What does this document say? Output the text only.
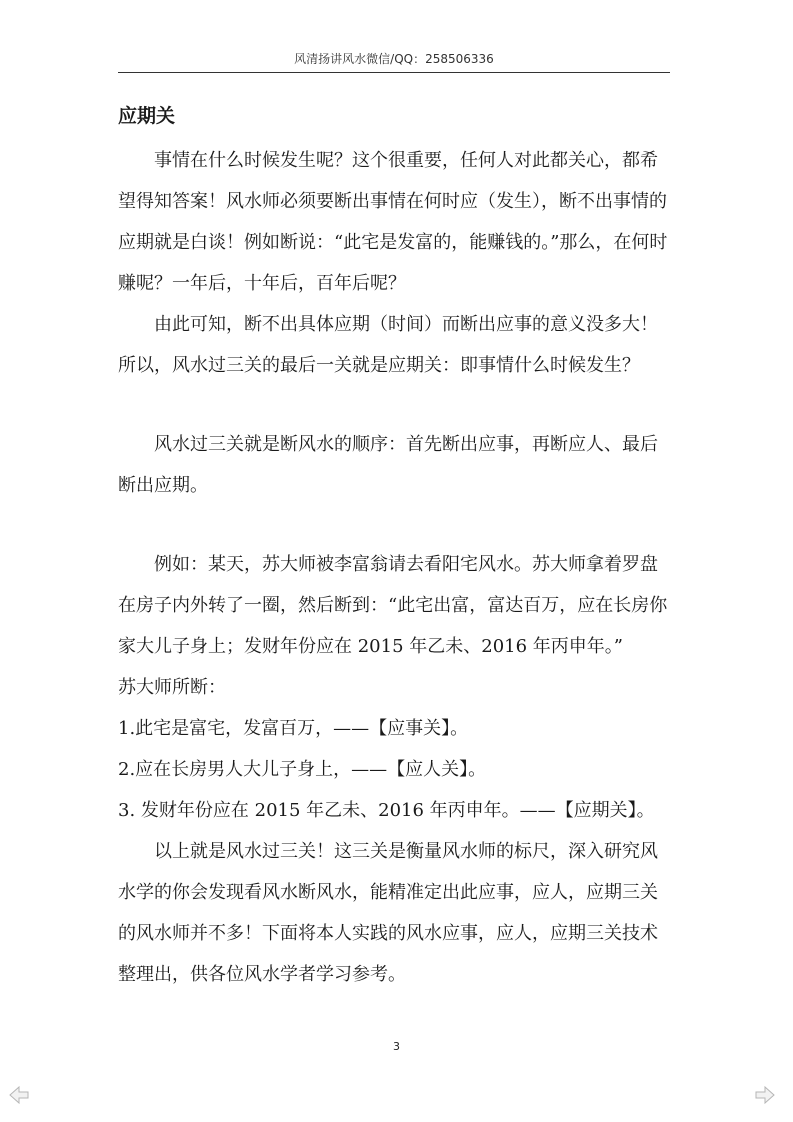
风清扬讲风水微信/QQ：258506336
应期关

事情在什么时候发生呢？这个很重要，任何人对此都关心，都希望得知答案！风水师必须要断出事情在何时应（发生），断不出事情的应期就是白谈！例如断说：“此宅是发富的，能赚钱的。”那么，在何时赚呢？一年后，十年后，百年后呢？

由此可知，断不出具体应期（时间）而断出应事的意义没多大！所以，风水过三关的最后一关就是应期关：即事情什么时候发生？

风水过三关就是断风水的顺序：首先断出应事，再断应人、最后断出应期。

例如：某天，苏大师被李富翁请去看阳宅风水。苏大师拿着罗盘在房子内外转了一圈，然后断到：“此宅出富，富达百万，应在长房你家大儿子身上；发财年份应在 2015 年乙未、2016 年丙申年。”

苏大师所断：

1.此宅是富宅，发富百万，——【应事关】。

2.应在长房男人大儿子身上，——【应人关】。

3. 发财年份应在 2015 年乙未、2016 年丙申年。——【应期关】。

以上就是风水过三关！这三关是衡量风水师的标尺，深入研究风水学的你会发现看风水断风水，能精准定出此应事，应人，应期三关的风水师并不多！下面将本人实践的风水应事，应人，应期三关技术整理出，供各位风水学者学习参考。

3
